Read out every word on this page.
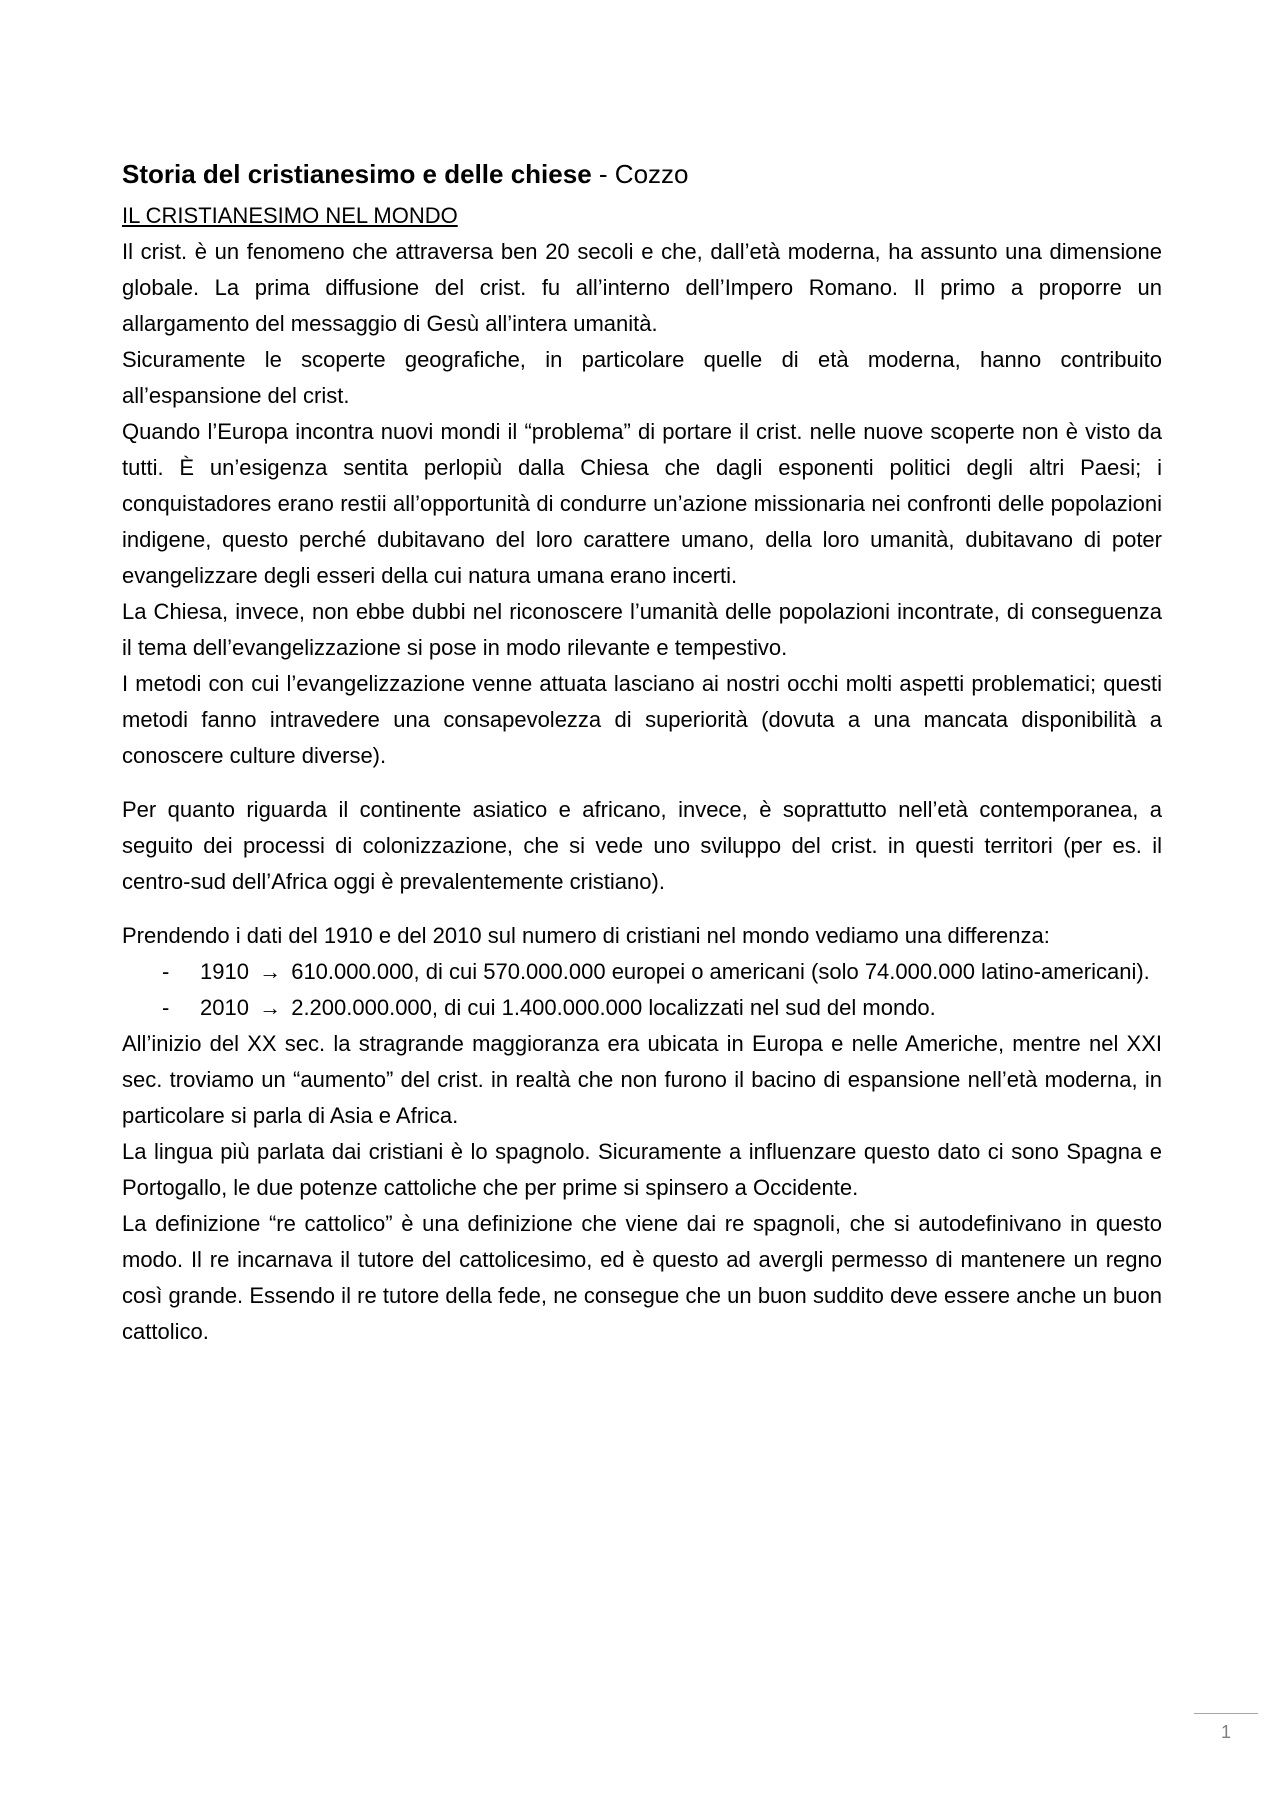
Storia del cristianesimo e delle chiese - Cozzo
IL CRISTIANESIMO NEL MONDO

Il crist. è un fenomeno che attraversa ben 20 secoli e che, dall’età moderna, ha assunto una dimensione globale. La prima diffusione del crist. fu all’interno dell’Impero Romano. Il primo a proporre un allargamento del messaggio di Gesù all’intera umanità.

Sicuramente le scoperte geografiche, in particolare quelle di età moderna, hanno contribuito all’espansione del crist.

Quando l’Europa incontra nuovi mondi il “problema” di portare il crist. nelle nuove scoperte non è visto da tutti. È un’esigenza sentita perlopiù dalla Chiesa che dagli esponenti politici degli altri Paesi; i conquistadores erano restii all’opportunità di condurre un’azione missionaria nei confronti delle popolazioni indigene, questo perché dubitavano del loro carattere umano, della loro umanità, dubitavano di poter evangelizzare degli esseri della cui natura umana erano incerti.

La Chiesa, invece, non ebbe dubbi nel riconoscere l’umanità delle popolazioni incontrate, di conseguenza il tema dell’evangelizzazione si pose in modo rilevante e tempestivo.

I metodi con cui l’evangelizzazione venne attuata lasciano ai nostri occhi molti aspetti problematici; questi metodi fanno intravedere una consapevolezza di superiorità (dovuta a una mancata disponibilità a conoscere culture diverse).

Per quanto riguarda il continente asiatico e africano, invece, è soprattutto nell’età contemporanea, a seguito dei processi di colonizzazione, che si vede uno sviluppo del crist. in questi territori (per es. il centro-sud dell’Africa oggi è prevalentemente cristiano).

Prendendo i dati del 1910 e del 2010 sul numero di cristiani nel mondo vediamo una differenza:

- 1910 → 610.000.000, di cui 570.000.000 europei o americani (solo 74.000.000 latino-americani).
- 2010 → 2.200.000.000, di cui 1.400.000.000 localizzati nel sud del mondo.

All’inizio del XX sec. la stragrande maggioranza era ubicata in Europa e nelle Americhe, mentre nel XXI sec. troviamo un “aumento” del crist. in realtà che non furono il bacino di espansione nell’età moderna, in particolare si parla di Asia e Africa.

La lingua più parlata dai cristiani è lo spagnolo. Sicuramente a influenzare questo dato ci sono Spagna e Portogallo, le due potenze cattoliche che per prime si spinsero a Occidente.

La definizione “re cattolico” è una definizione che viene dai re spagnoli, che si autodefinivano in questo modo. Il re incarnava il tutore del cattolicesimo, ed è questo ad avergli permesso di mantenere un regno così grande. Essendo il re tutore della fede, ne consegue che un buon suddito deve essere anche un buon cattolico.

1
